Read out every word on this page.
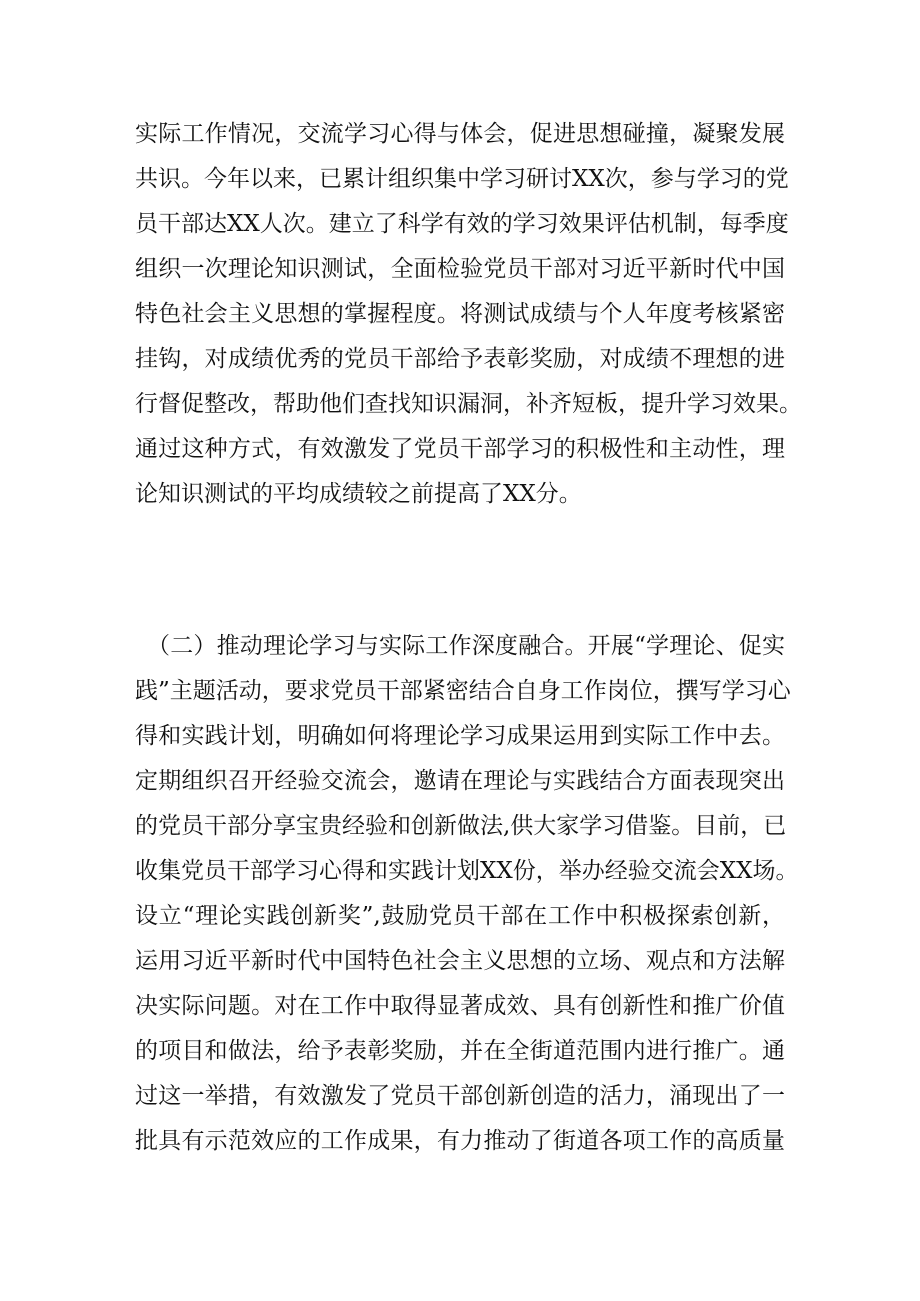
实际工作情况，交流学习心得与体会，促进思想碰撞，凝聚发展
共识。今年以来，已累计组织集中学习研讨XX次，参与学习的党
员干部达XX人次。建立了科学有效的学习效果评估机制，每季度
组织一次理论知识测试，全面检验党员干部对习近平新时代中国
特色社会主义思想的掌握程度。将测试成绩与个人年度考核紧密
挂钩，对成绩优秀的党员干部给予表彰奖励，对成绩不理想的进
行督促整改，帮助他们查找知识漏洞，补齐短板，提升学习效果。
通过这种方式，有效激发了党员干部学习的积极性和主动性，理
论知识测试的平均成绩较之前提高了XX分。

（二）推动理论学习与实际工作深度融合。开展“学理论、促实
践”主题活动，要求党员干部紧密结合自身工作岗位，撰写学习心
得和实践计划，明确如何将理论学习成果运用到实际工作中去。
定期组织召开经验交流会，邀请在理论与实践结合方面表现突出
的党员干部分享宝贵经验和创新做法,供大家学习借鉴。目前，已
收集党员干部学习心得和实践计划XX份，举办经验交流会XX场。
设立“理论实践创新奖”,鼓励党员干部在工作中积极探索创新，
运用习近平新时代中国特色社会主义思想的立场、观点和方法解
决实际问题。对在工作中取得显著成效、具有创新性和推广价值
的项目和做法，给予表彰奖励，并在全街道范围内进行推广。通
过这一举措，有效激发了党员干部创新创造的活力，涌现出了一
批具有示范效应的工作成果，有力推动了街道各项工作的高质量
